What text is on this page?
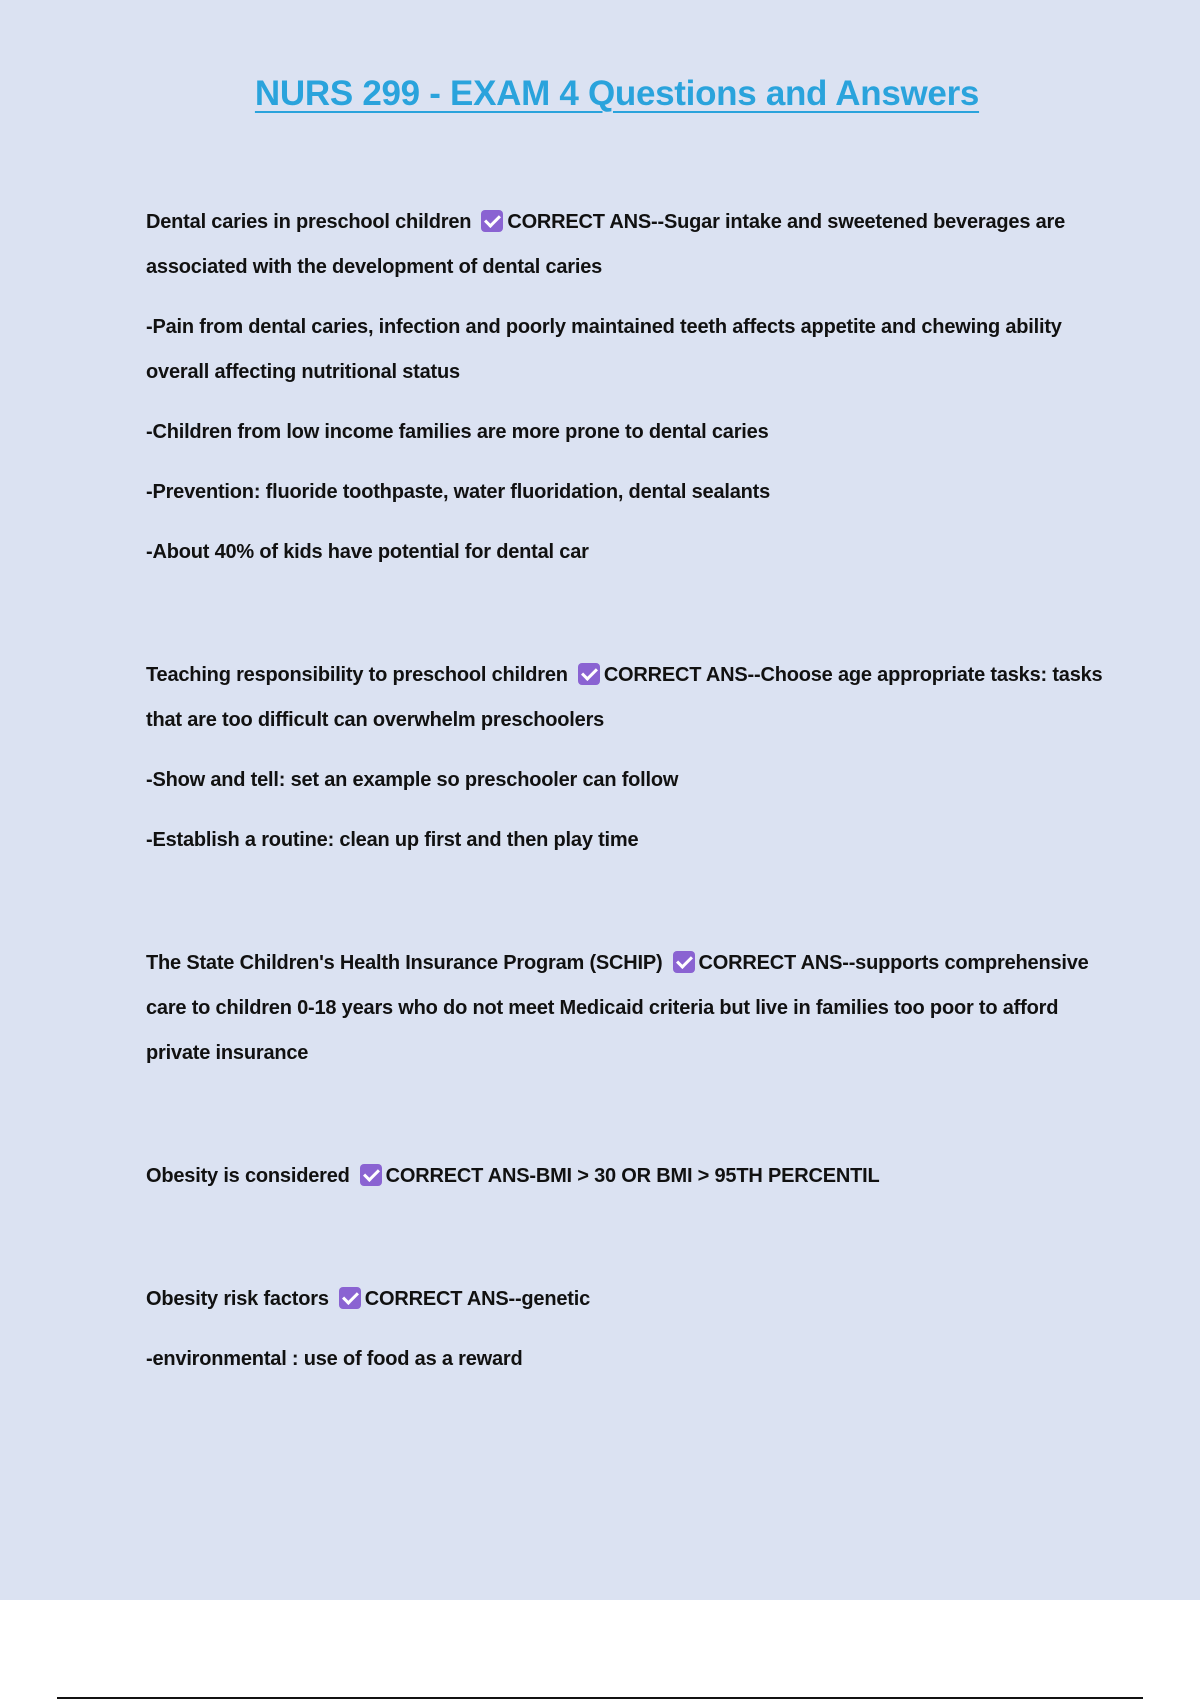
NURS 299 - EXAM 4 Questions and Answers

Dental caries in preschool children CORRECT ANS--Sugar intake and sweetened beverages are associated with the development of dental caries

-Pain from dental caries, infection and poorly maintained teeth affects appetite and chewing ability overall affecting nutritional status

-Children from low income families are more prone to dental caries

-Prevention: fluoride toothpaste, water fluoridation, dental sealants

-About 40% of kids have potential for dental car

Teaching responsibility to preschool children CORRECT ANS--Choose age appropriate tasks: tasks that are too difficult can overwhelm preschoolers

-Show and tell: set an example so preschooler can follow

-Establish a routine: clean up first and then play time

The State Children's Health Insurance Program (SCHIP) CORRECT ANS--supports comprehensive care to children 0-18 years who do not meet Medicaid criteria but live in families too poor to afford private insurance

Obesity is considered CORRECT ANS-BMI > 30 OR BMI > 95TH PERCENTIL

Obesity risk factors CORRECT ANS--genetic

-environmental : use of food as a reward
